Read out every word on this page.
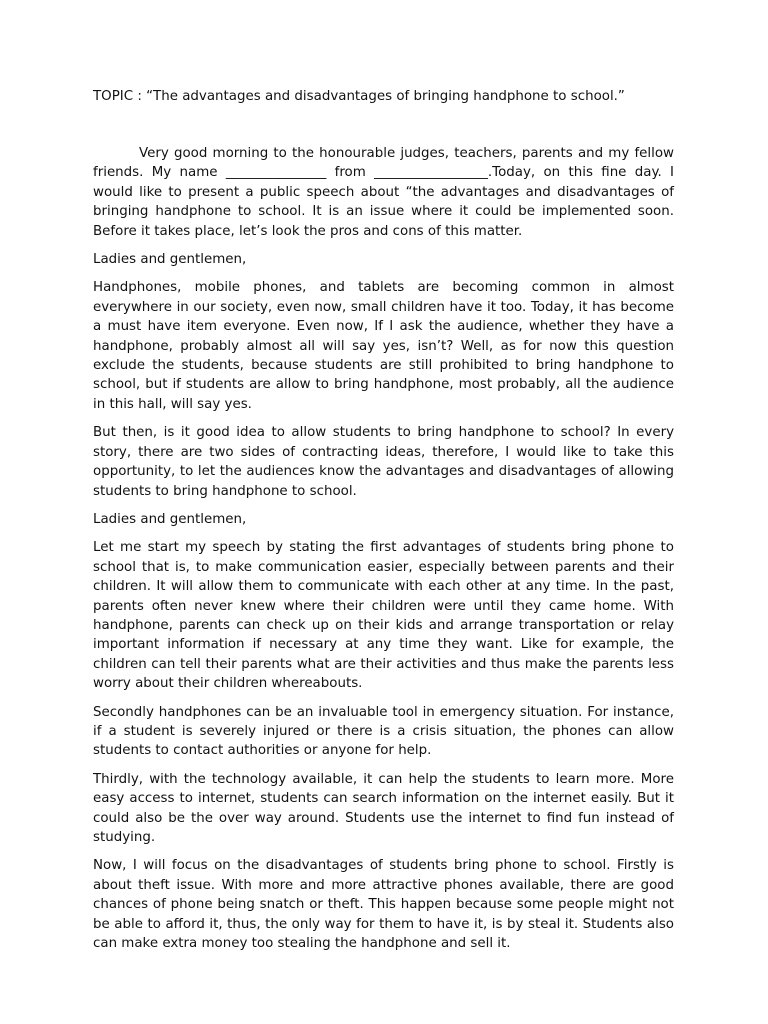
TOPIC : “The advantages and disadvantages of bringing handphone to school.”

Very good morning to the honourable judges, teachers, parents and my fellow friends. My name _______________ from _________________.Today, on this fine day. I would like to present a public speech about “the advantages and disadvantages of bringing handphone to school. It is an issue where it could be implemented soon. Before it takes place, let’s look the pros and cons of this matter.

Ladies and gentlemen,

Handphones, mobile phones, and tablets are becoming common in almost everywhere in our society, even now, small children have it too. Today, it has become a must have item everyone. Even now, If I ask the audience, whether they have a handphone, probably almost all will say yes, isn’t? Well, as for now this question exclude the students, because students are still prohibited to bring handphone to school, but if students are allow to bring handphone, most probably, all the audience in this hall, will say yes.

But then, is it good idea to allow students to bring handphone to school? In every story, there are two sides of contracting ideas, therefore, I would like to take this opportunity, to let the audiences know the advantages and disadvantages of allowing students to bring handphone to school.

Ladies and gentlemen,

Let me start my speech by stating the first advantages of students bring phone to school that is, to make communication easier, especially between parents and their children. It will allow them to communicate with each other at any time. In the past, parents often never knew where their children were until they came home. With handphone, parents can check up on their kids and arrange transportation or relay important information if necessary at any time they want. Like for example, the children can tell their parents what are their activities and thus make the parents less worry about their children whereabouts.

Secondly handphones can be an invaluable tool in emergency situation. For instance, if a student is severely injured or there is a crisis situation, the phones can allow students to contact authorities or anyone for help.

Thirdly, with the technology available, it can help the students to learn more. More easy access to internet, students can search information on the internet easily. But it could also be the over way around. Students use the internet to find fun instead of studying.

Now, I will focus on the disadvantages of students bring phone to school. Firstly is about theft issue. With more and more attractive phones available, there are good chances of phone being snatch or theft. This happen because some people might not be able to afford it, thus, the only way for them to have it, is by steal it. Students also can make extra money too stealing the handphone and sell it.
